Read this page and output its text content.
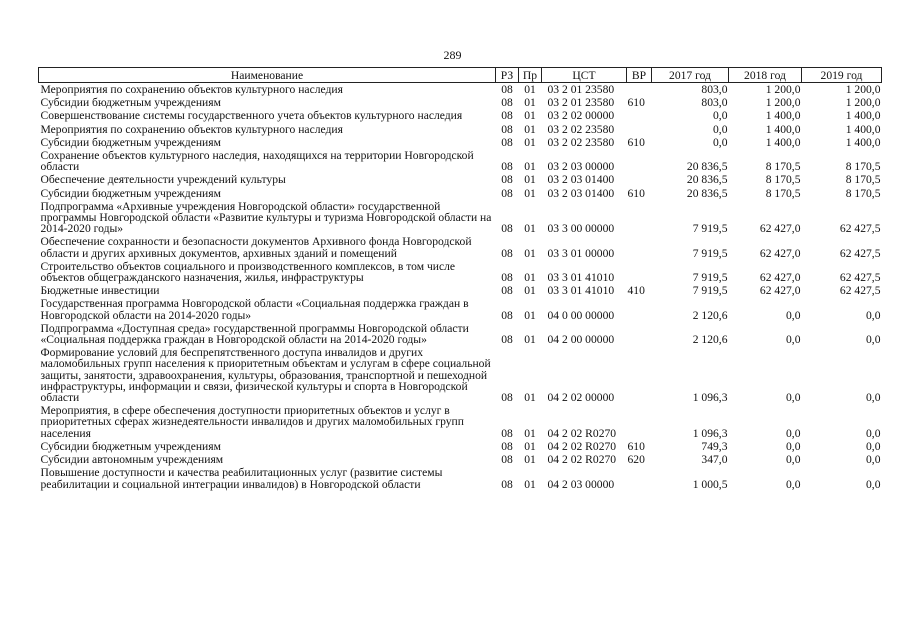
289
Наименование	РЗ	Пр	ЦСТ	ВР	2017 год	2018 год	2019 год
Мероприятия по сохранению объектов культурного наследия	08	01	03 2 01 23580		803,0	1 200,0	1 200,0
Субсидии бюджетным учреждениям	08	01	03 2 01 23580	610	803,0	1 200,0	1 200,0
Совершенствование системы государственного учета объектов культурного наследия	08	01	03 2 02 00000		0,0	1 400,0	1 400,0
Мероприятия по сохранению объектов культурного наследия	08	01	03 2 02 23580		0,0	1 400,0	1 400,0
Субсидии бюджетным учреждениям	08	01	03 2 02 23580	610	0,0	1 400,0	1 400,0
Сохранение объектов культурного наследия, находящихся на территории Новгородской области	08	01	03 2 03 00000		20 836,5	8 170,5	8 170,5
Обеспечение деятельности учреждений культуры	08	01	03 2 03 01400		20 836,5	8 170,5	8 170,5
Субсидии бюджетным учреждениям	08	01	03 2 03 01400	610	20 836,5	8 170,5	8 170,5
Подпрограмма «Архивные учреждения Новгородской области» государственной программы Новгородской области «Развитие культуры и туризма Новгородской области на 2014-2020 годы»	08	01	03 3 00 00000		7 919,5	62 427,0	62 427,5
Обеспечение сохранности и безопасности документов Архивного фонда Новгородской области и других архивных документов, архивных зданий и помещений	08	01	03 3 01 00000		7 919,5	62 427,0	62 427,5
Строительство объектов социального и производственного комплексов, в том числе объектов общегражданского назначения, жилья, инфраструктуры	08	01	03 3 01 41010		7 919,5	62 427,0	62 427,5
Бюджетные инвестиции	08	01	03 3 01 41010	410	7 919,5	62 427,0	62 427,5
Государственная программа Новгородской области «Социальная поддержка граждан в Новгородской области на 2014-2020 годы»	08	01	04 0 00 00000		2 120,6	0,0	0,0
Подпрограмма «Доступная среда» государственной программы Новгородской области «Социальная поддержка граждан в Новгородской области на 2014-2020 годы»	08	01	04 2 00 00000		2 120,6	0,0	0,0
Формирование условий для беспрепятственного доступа инвалидов и других маломобильных групп населения к приоритетным объектам и услугам в сфере социальной защиты, занятости, здравоохранения, культуры, образования, транспортной и пешеходной инфраструктуры, информации и связи, физической культуры и спорта в Новгородской области	08	01	04 2 02 00000		1 096,3	0,0	0,0
Мероприятия, в сфере обеспечения доступности приоритетных объектов и услуг в приоритетных сферах жизнедеятельности инвалидов и других маломобильных групп населения	08	01	04 2 02 R0270		1 096,3	0,0	0,0
Субсидии бюджетным учреждениям	08	01	04 2 02 R0270	610	749,3	0,0	0,0
Субсидии автономным учреждениям	08	01	04 2 02 R0270	620	347,0	0,0	0,0
Повышение доступности и качества реабилитационных услуг (развитие системы реабилитации и социальной интеграции инвалидов) в Новгородской области	08	01	04 2 03 00000		1 000,5	0,0	0,0
